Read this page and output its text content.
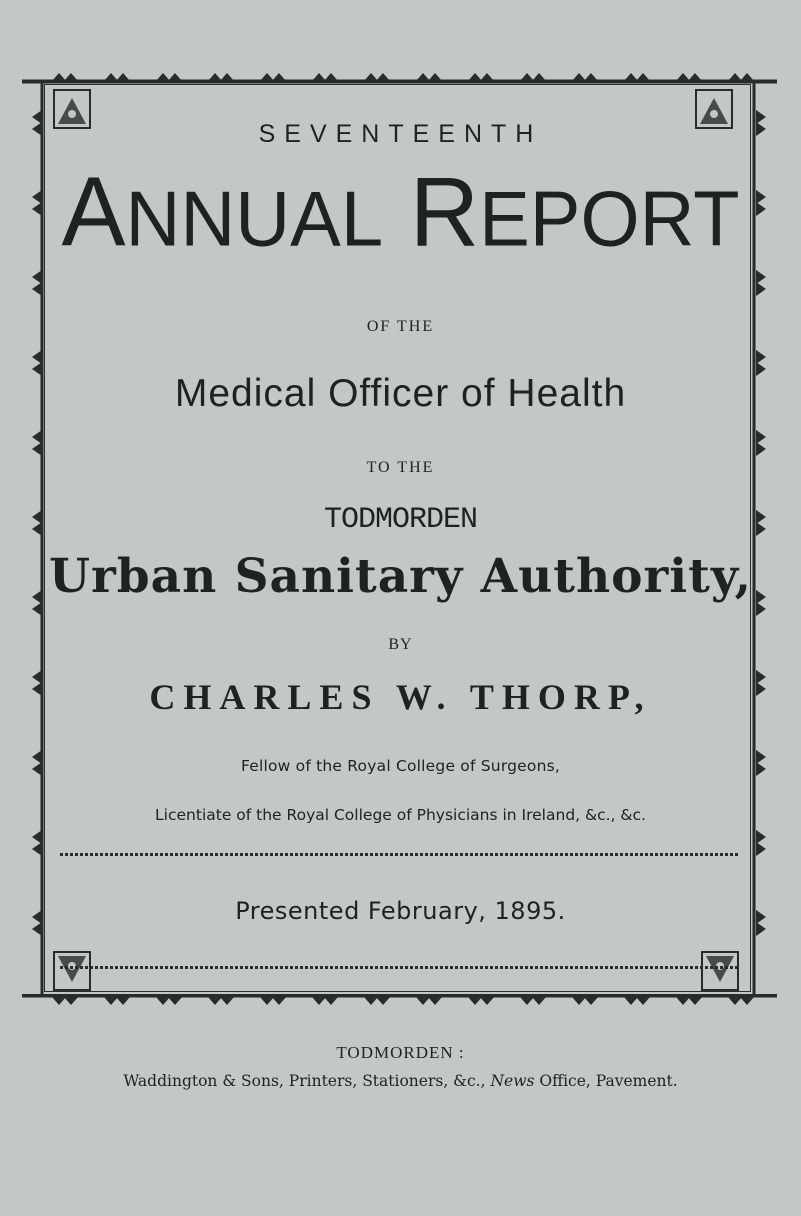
SEVENTEENTH
ANNUAL REPORT
OF THE
Medical Officer of Health
TO THE
TODMORDEN
Urban Sanitary Authority,
BY
CHARLES W. THORP,
Fellow of the Royal College of Surgeons,
Licentiate of the Royal College of Physicians in Ireland, &c., &c.
Presented February, 1895.
TODMORDEN :
Waddington & Sons, Printers, Stationers, &c., News Office, Pavement.
